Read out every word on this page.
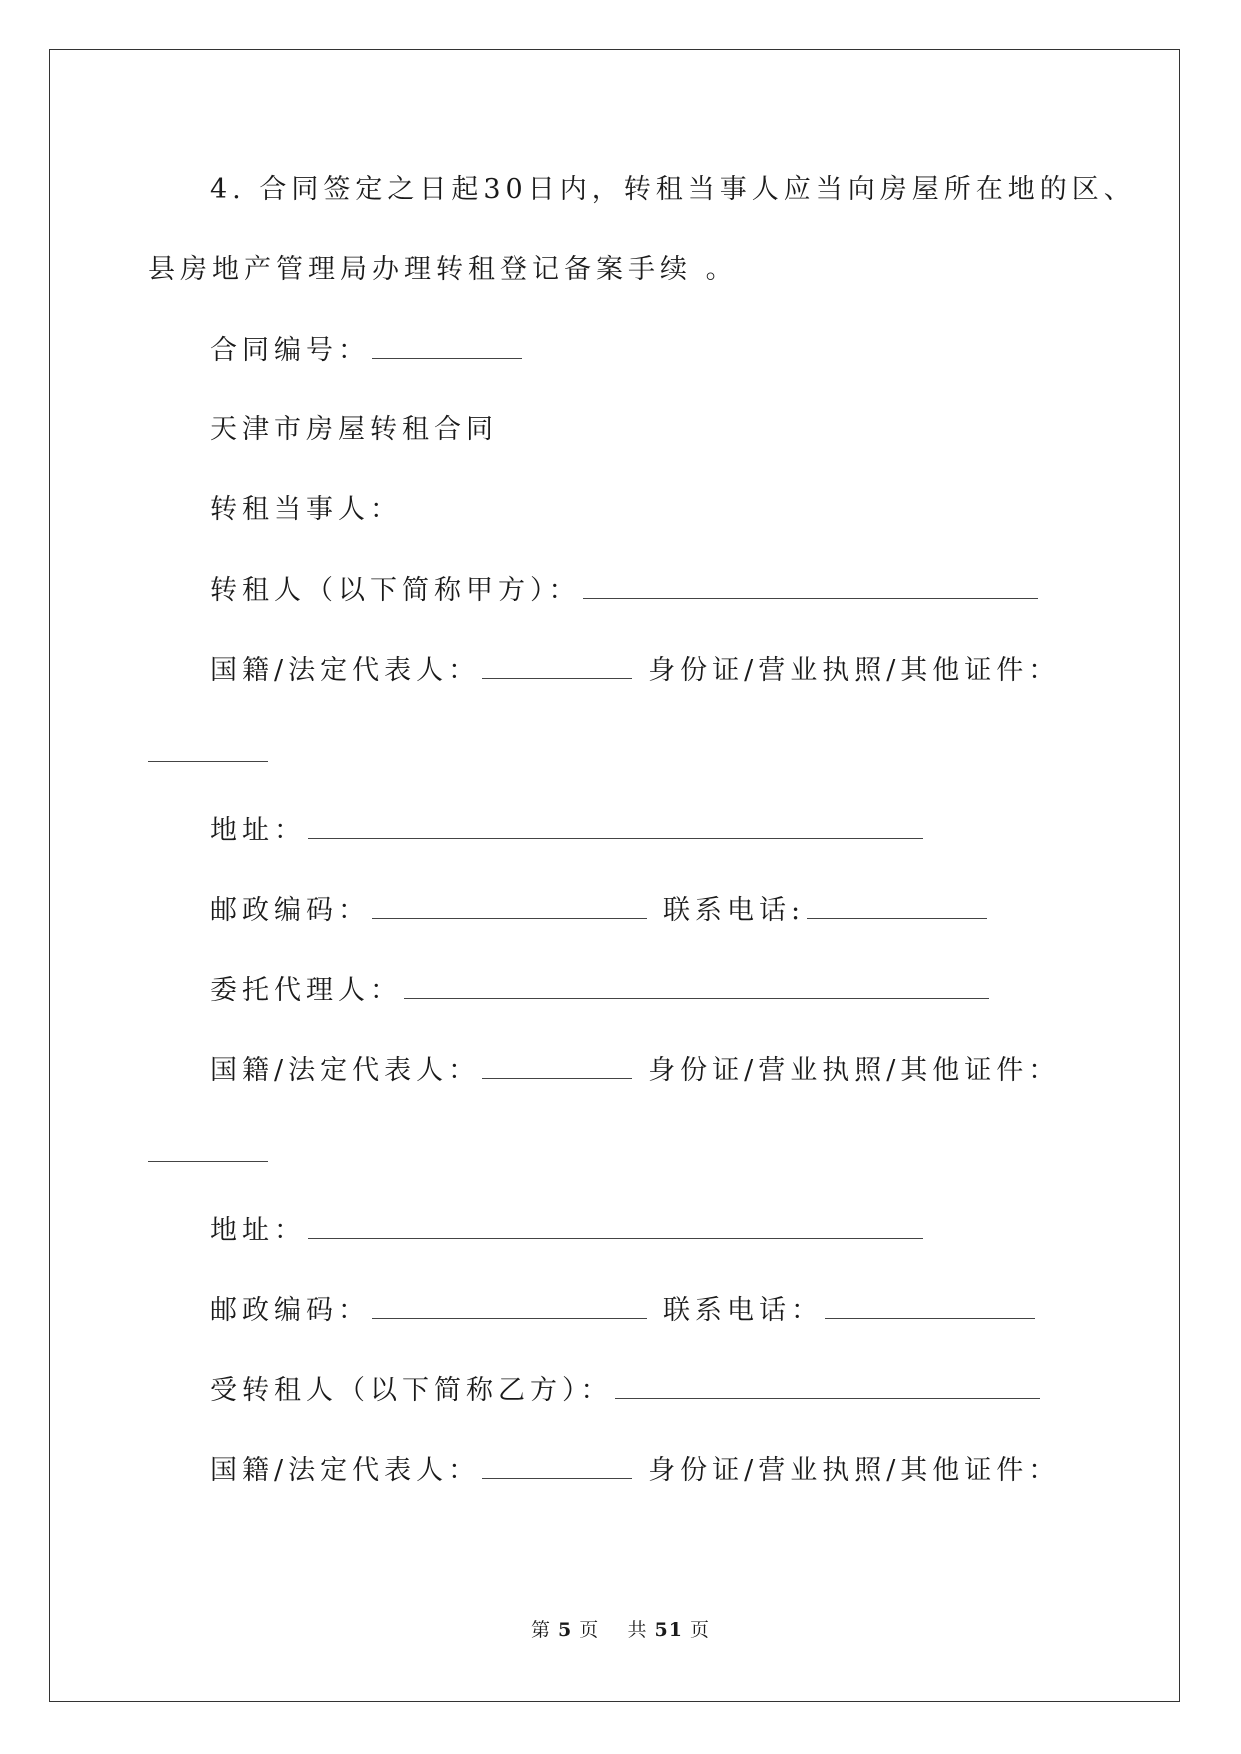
4. 合同签定之日起30日内，转租当事人应当向房屋所在地的区、
县房地产管理局办理转租登记备案手续 。
合同编号：
天津市房屋转租合同
转租当事人：
转租人（以下简称甲方）：
国籍/法定代表人：	身份证/营业执照/其他证件：
地址：
邮政编码：	联系电话:
委托代理人：
国籍/法定代表人：	身份证/营业执照/其他证件：
地址：
邮政编码：	联系电话：
受转租人（以下简称乙方）：
国籍/法定代表人：	身份证/营业执照/其他证件：
第 5 页 共 51 页
